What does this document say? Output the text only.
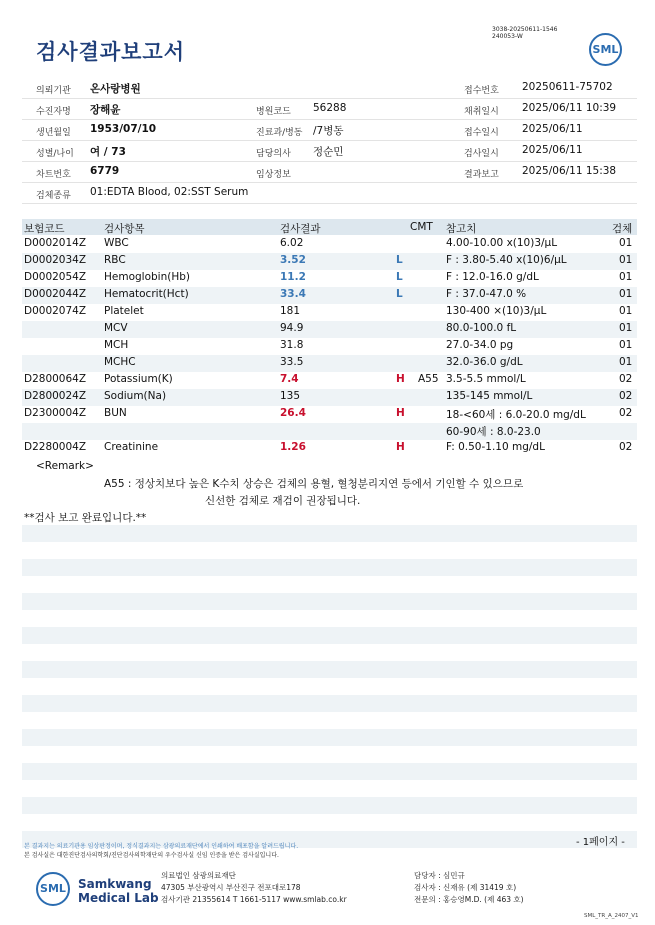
검사결과보고서
3038-20250611-1546
240053-W
SML
의뢰기관 온사랑병원	접수번호 20250611-75702
수진자명 장해윤	병원코드 56288	채취일시 2025/06/11 10:39
생년월일 1953/07/10	진료과/병동 /7병동	접수일시 2025/06/11
성별/나이 여 / 73	담당의사 정순민	검사일시 2025/06/11
차트번호 6779	임상정보	결과보고 2025/06/11 15:38
검체종류 01:EDTA Blood, 02:SST Serum
보험코드	검사항목	검사결과	CMT 참고치	검체
D0002014Z WBC	6.02	4.00-10.00 x(10)3/μL	01
D0002034Z RBC	3.52	L	F : 3.80-5.40 x(10)6/μL	01
D0002054Z Hemoglobin(Hb)	11.2	L	F : 12.0-16.0 g/dL	01
D0002044Z Hematocrit(Hct)	33.4	L	F : 37.0-47.0 %	01
D0002074Z Platelet	181	130-400 ×(10)3/μL	01
MCV	94.9	80.0-100.0 fL	01
MCH	31.8	27.0-34.0 pg	01
MCHC	33.5	32.0-36.0 g/dL	01
D2800064Z Potassium(K)	7.4	H A55 3.5-5.5 mmol/L	02
D2800024Z Sodium(Na)	135	135-145 mmol/L	02
D2300004Z BUN	26.4	H	18-<60세 : 6.0-20.0 mg/dL	02
60-90세 : 8.0-23.0
D2280004Z Creatinine	1.26	H	F: 0.50-1.10 mg/dL	02
<Remark>
A55 : 정상치보다 높은 K수치 상승은 검체의 용혈, 혈청분리지연 등에서 기인할 수 있으므로
신선한 검체로 재검이 권장됩니다.
**검사 보고 완료입니다.**
- 1페이지 -
본 결과지는 의료기관용 임상판정이며, 정식결과지는 삼광의료재단에서 인쇄하여 배포함을 알려드립니다.
본 검사실은 대한진단검사의학회/진단검사의학재단의 우수검사실 신임 인증을 받은 검사실입니다.
SML	Samkwang
Medical Lab
의료법인 삼광의료재단
47305 부산광역시 부산진구 전포대로178
검사기관 21355614 T 1661-5117 www.smlab.co.kr
담당자 : 심민규
검사자 : 신재유 (제 31419 호)
전문의 : 홍승영M.D. (제 463 호)
SML_TR_A_2407_V1
